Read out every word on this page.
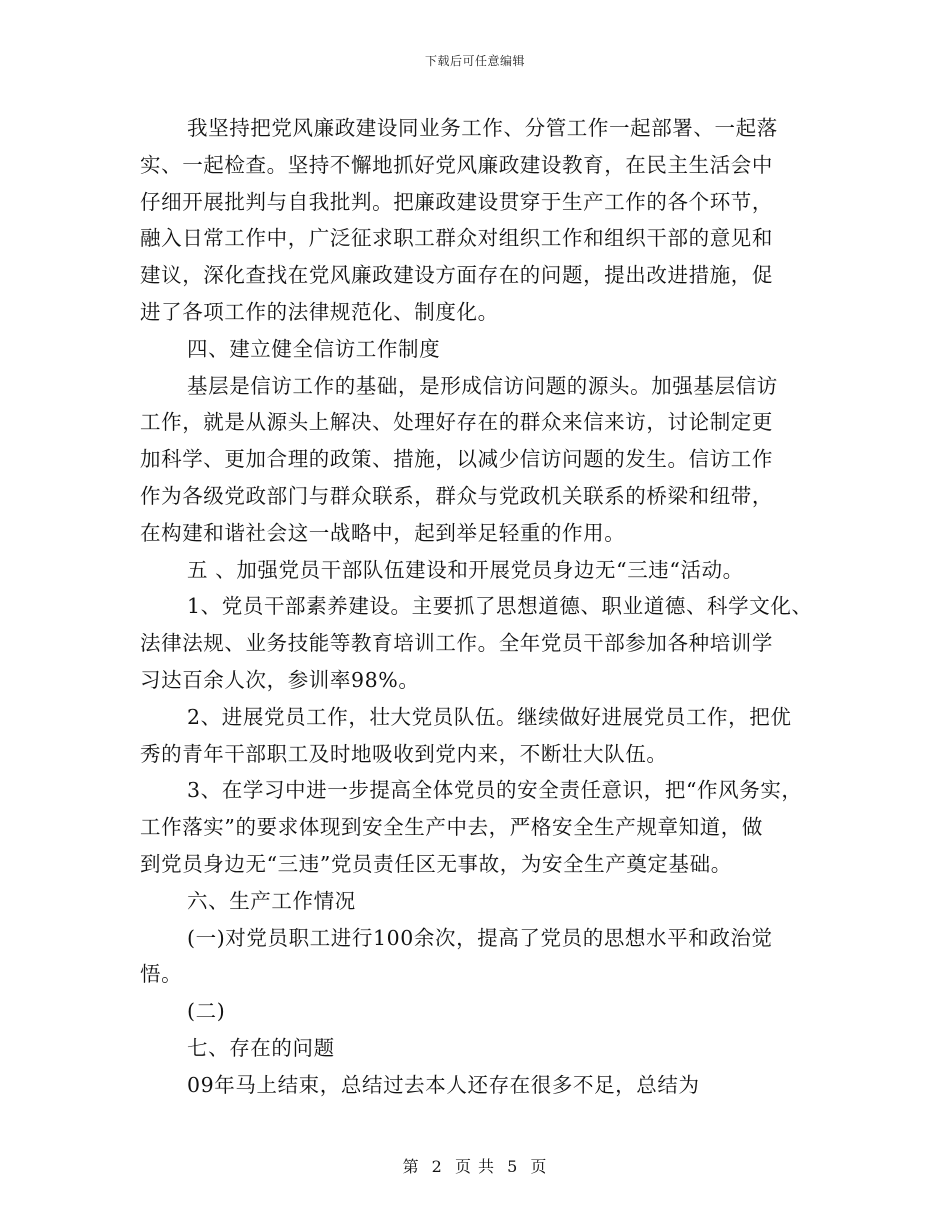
下载后可任意编辑
我坚持把党风廉政建设同业务工作、分管工作一起部署、一起落
实、一起检查。坚持不懈地抓好党风廉政建设教育，在民主生活会中
仔细开展批判与自我批判。把廉政建设贯穿于生产工作的各个环节，
融入日常工作中，广泛征求职工群众对组织工作和组织干部的意见和
建议，深化查找在党风廉政建设方面存在的问题，提出改进措施，促
进了各项工作的法律规范化、制度化。
四、建立健全信访工作制度
基层是信访工作的基础，是形成信访问题的源头。加强基层信访
工作，就是从源头上解决、处理好存在的群众来信来访，讨论制定更
加科学、更加合理的政策、措施，以减少信访问题的发生。信访工作
作为各级党政部门与群众联系，群众与党政机关联系的桥梁和纽带，
在构建和谐社会这一战略中，起到举足轻重的作用。
五 、加强党员干部队伍建设和开展党员身边无“三违“活动。
1、党员干部素养建设。主要抓了思想道德、职业道德、科学文化、
法律法规、业务技能等教育培训工作。全年党员干部参加各种培训学
习达百余人次，参训率98%。
2、进展党员工作，壮大党员队伍。继续做好进展党员工作，把优
秀的青年干部职工及时地吸收到党内来，不断壮大队伍。
3、在学习中进一步提高全体党员的安全责任意识，把“作风务实，
工作落实”的要求体现到安全生产中去，严格安全生产规章知道，做
到党员身边无“三违”党员责任区无事故，为安全生产奠定基础。
六、生产工作情况
(一)对党员职工进行100余次，提高了党员的思想水平和政治觉
悟。
(二)
七、存在的问题
09年马上结束，总结过去本人还存在很多不足，总结为
第 2 页 共 5 页
